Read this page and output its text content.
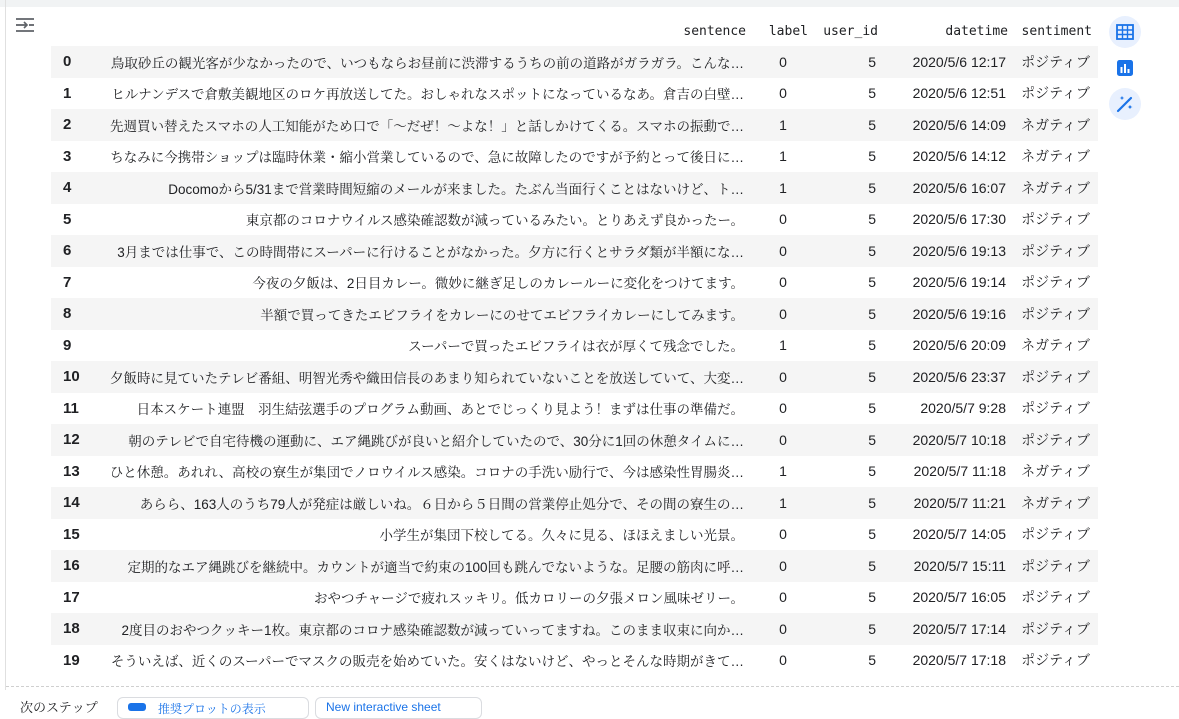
	sentence	label	user_id	datetime	sentiment
0	鳥取砂丘の観光客が少なかったので、いつもならお昼前に渋滞するうちの前の道路がガラガラ。こんな…	0	5	2020/5/6 12:17	ポジティブ
1	ヒルナンデスで倉敷美観地区のロケ再放送してた。おしゃれなスポットになっているなあ。倉吉の白壁…	0	5	2020/5/6 12:51	ポジティブ
2	先週買い替えたスマホの人工知能がため口で「〜だぜ！〜よな！」と話しかけてくる。スマホの振動で…	1	5	2020/5/6 14:09	ネガティブ
3	ちなみに今携帯ショップは臨時休業・縮小営業しているので、急に故障したのですが予約とって後日に…	1	5	2020/5/6 14:12	ネガティブ
4	Docomoから5/31まで営業時間短縮のメールが来ました。たぶん当面行くことはないけど、ト…	1	5	2020/5/6 16:07	ネガティブ
5	東京都のコロナウイルス感染確認数が減っているみたい。とりあえず良かったー。	0	5	2020/5/6 17:30	ポジティブ
6	3月までは仕事で、この時間帯にスーパーに行けることがなかった。夕方に行くとサラダ類が半額にな…	0	5	2020/5/6 19:13	ポジティブ
7	今夜の夕飯は、2日目カレー。微妙に継ぎ足しのカレールーに変化をつけてます。	0	5	2020/5/6 19:14	ポジティブ
8	半額で買ってきたエビフライをカレーにのせてエビフライカレーにしてみます。	0	5	2020/5/6 19:16	ポジティブ
9	スーパーで買ったエビフライは衣が厚くて残念でした。	1	5	2020/5/6 20:09	ネガティブ
10	夕飯時に見ていたテレビ番組、明智光秀や織田信長のあまり知られていないことを放送していて、大変…	0	5	2020/5/6 23:37	ポジティブ
11	日本スケート連盟　羽生結弦選手のプログラム動画、あとでじっくり見よう！まずは仕事の準備だ。	0	5	2020/5/7 9:28	ポジティブ
12	朝のテレビで自宅待機の運動に、エア縄跳びが良いと紹介していたので、30分に1回の休憩タイムに…	0	5	2020/5/7 10:18	ポジティブ
13	ひと休憩。あれれ、高校の寮生が集団でノロウイルス感染。コロナの手洗い励行で、今は感染性胃腸炎…	1	5	2020/5/7 11:18	ネガティブ
14	あらら、163人のうち79人が発症は厳しいね。６日から５日間の営業停止処分で、その間の寮生の…	1	5	2020/5/7 11:21	ネガティブ
15	小学生が集団下校してる。久々に見る、ほほえましい光景。	0	5	2020/5/7 14:05	ポジティブ
16	定期的なエア縄跳びを継続中。カウントが適当で約束の100回も跳んでないような。足腰の筋肉に呼…	0	5	2020/5/7 15:11	ポジティブ
17	おやつチャージで疲れスッキリ。低カロリーの夕張メロン風味ゼリー。	0	5	2020/5/7 16:05	ポジティブ
18	2度目のおやつクッキー1枚。東京都のコロナ感染確認数が減っていってますね。このまま収束に向か…	0	5	2020/5/7 17:14	ポジティブ
19	そういえば、近くのスーパーでマスクの販売を始めていた。安くはないけど、やっとそんな時期がきて…	0	5	2020/5/7 17:18	ポジティブ
次のステップ	推奨プロットの表示	New interactive sheet
